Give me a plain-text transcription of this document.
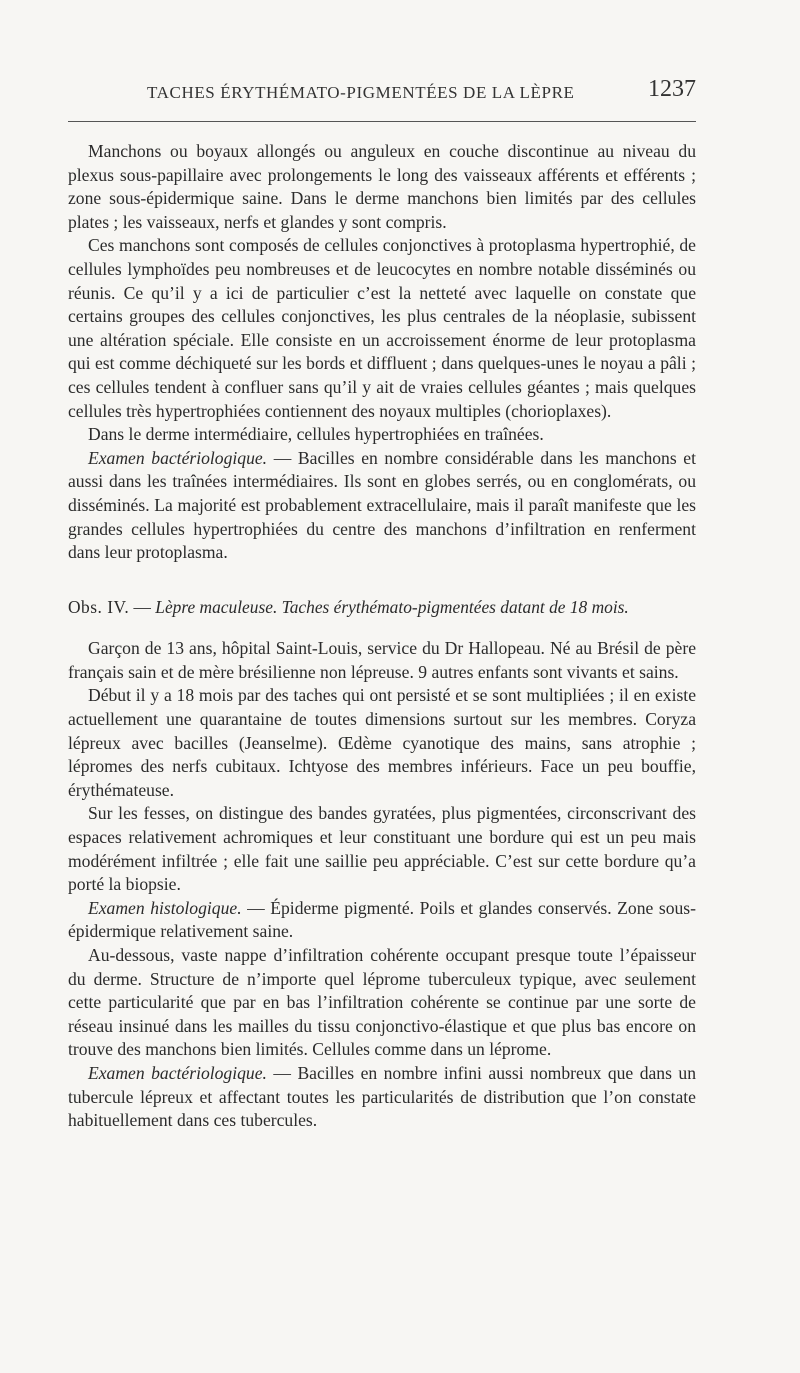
TACHES ÉRYTHÉMATO-PIGMENTÉES DE LA LÈPRE	1237

Manchons ou boyaux allongés ou anguleux en couche discontinue au niveau du plexus sous-papillaire avec prolongements le long des vaisseaux afférents et efférents ; zone sous-épidermique saine. Dans le derme manchons bien limités par des cellules plates ; les vaisseaux, nerfs et glandes y sont compris.

Ces manchons sont composés de cellules conjonctives à protoplasma hypertrophié, de cellules lymphoïdes peu nombreuses et de leucocytes en nombre notable disséminés ou réunis. Ce qu’il y a ici de particulier c’est la netteté avec laquelle on constate que certains groupes des cellules conjonctives, les plus centrales de la néoplasie, subissent une altération spéciale. Elle consiste en un accroissement énorme de leur protoplasma qui est comme déchiqueté sur les bords et diffluent ; dans quelques-unes le noyau a pâli ; ces cellules tendent à confluer sans qu’il y ait de vraies cellules géantes ; mais quelques cellules très hypertrophiées contiennent des noyaux multiples (chorioplaxes).

Dans le derme intermédiaire, cellules hypertrophiées en traînées.

Examen bactériologique. — Bacilles en nombre considérable dans les manchons et aussi dans les traînées intermédiaires. Ils sont en globes serrés, ou en conglomérats, ou disséminés. La majorité est probablement extracellulaire, mais il paraît manifeste que les grandes cellules hypertrophiées du centre des manchons d’infiltration en renferment dans leur protoplasma.

Obs. IV. — Lèpre maculeuse. Taches érythémato-pigmentées datant de 18 mois.

Garçon de 13 ans, hôpital Saint-Louis, service du Dr Hallopeau. Né au Brésil de père français sain et de mère brésilienne non lépreuse. 9 autres enfants sont vivants et sains.

Début il y a 18 mois par des taches qui ont persisté et se sont multipliées ; il en existe actuellement une quarantaine de toutes dimensions surtout sur les membres. Coryza lépreux avec bacilles (Jeanselme). Œdème cyanotique des mains, sans atrophie ; lépromes des nerfs cubitaux. Ichtyose des membres inférieurs. Face un peu bouffie, érythémateuse.

Sur les fesses, on distingue des bandes gyratées, plus pigmentées, circonscrivant des espaces relativement achromiques et leur constituant une bordure qui est un peu mais modérément infiltrée ; elle fait une saillie peu appréciable. C’est sur cette bordure qu’a porté la biopsie.

Examen histologique. — Épiderme pigmenté. Poils et glandes conservés. Zone sous-épidermique relativement saine.

Au-dessous, vaste nappe d’infiltration cohérente occupant presque toute l’épaisseur du derme. Structure de n’importe quel léprome tuberculeux typique, avec seulement cette particularité que par en bas l’infiltration cohérente se continue par une sorte de réseau insinué dans les mailles du tissu conjonctivo-élastique et que plus bas encore on trouve des manchons bien limités. Cellules comme dans un léprome.

Examen bactériologique. — Bacilles en nombre infini aussi nombreux que dans un tubercule lépreux et affectant toutes les particularités de distribution que l’on constate habituellement dans ces tubercules.
